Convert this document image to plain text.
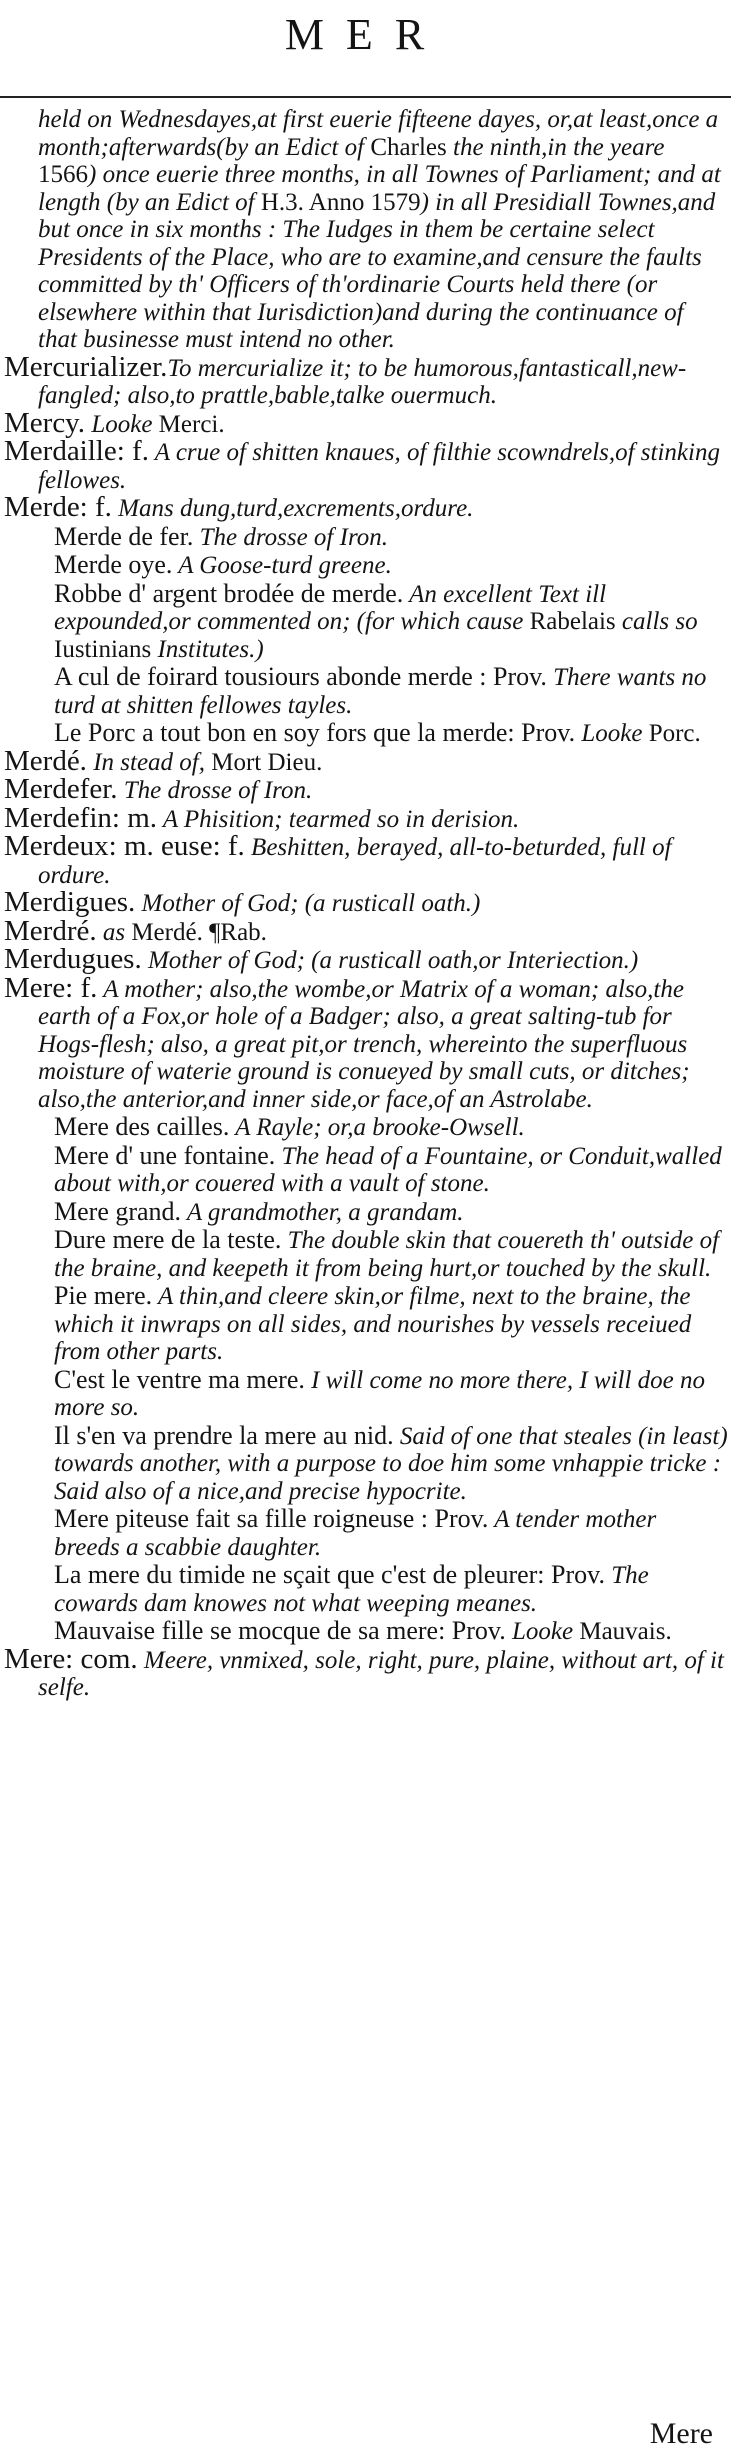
MER

held on Wednesdayes,at first euerie fifteene dayes, or,at least,once a month;afterwards(by an Edict of Charles the ninth,in the yeare 1566) once euerie three months, in all Townes of Parliament; and at length (by an Edict of H.3. Anno 1579) in all Presidiall Townes,and but once in six months : The Iudges in them be certaine select Presidents of the Place, who are to examine,and censure the faults committed by th' Officers of th'ordinarie Courts held there (or elsewhere within that Iurisdiction)and during the continuance of that businesse must intend no other.

Mercurializer.To mercurialize it; to be humorous,fantasticall,new-fangled; also,to prattle,bable,talke ouermuch.

Mercy. Looke Merci.

Merdaille: f. A crue of shitten knaues, of filthie scowndrels,of stinking fellowes.

Merde: f. Mans dung,turd,excrements,ordure.

Merde de fer. The drosse of Iron.

Merde oye. A Goose-turd greene.

Robbe d' argent brodée de merde. An excellent Text ill expounded,or commented on; (for which cause Rabelais calls so Iustinians Institutes.)

A cul de foirard tousiours abonde merde : Prov. There wants no turd at shitten fellowes tayles.

Le Porc a tout bon en soy fors que la merde: Prov. Looke Porc.

Merdé. In stead of, Mort Dieu.

Merdefer. The drosse of Iron.

Merdefin: m. A Phisition; tearmed so in derision.

Merdeux: m. euse: f. Beshitten, berayed, all-to-beturded, full of ordure.

Merdigues. Mother of God; (a rusticall oath.)

Merdré. as Merdé. ¶Rab.

Merdugues. Mother of God; (a rusticall oath,or Interiection.)

Mere: f. A mother; also,the wombe,or Matrix of a woman; also,the earth of a Fox,or hole of a Badger; also, a great salting-tub for Hogs-flesh; also, a great pit,or trench, whereinto the superfluous moisture of waterie ground is conueyed by small cuts, or ditches; also,the anterior,and inner side,or face,of an Astrolabe.

Mere des cailles. A Rayle; or,a brooke-Owsell.

Mere d' une fontaine. The head of a Fountaine, or Conduit,walled about with,or couered with a vault of stone.

Mere grand. A grandmother, a grandam.

Dure mere de la teste. The double skin that couereth th' outside of the braine, and keepeth it from being hurt,or touched by the skull.

Pie mere. A thin,and cleere skin,or filme, next to the braine, the which it inwraps on all sides, and nourishes by vessels receiued from other parts.

C'est le ventre ma mere. I will come no more there, I will doe no more so.

Il s'en va prendre la mere au nid. Said of one that steales (in least) towards another, with a purpose to doe him some vnhappie tricke : Said also of a nice,and precise hypocrite.

Mere piteuse fait sa fille roigneuse : Prov. A tender mother breeds a scabbie daughter.

La mere du timide ne sçait que c'est de pleurer: Prov. The cowards dam knowes not what weeping meanes.

Mauvaise fille se mocque de sa mere: Prov. Looke Mauvais.

Mere: com. Meere, vnmixed, sole, right, pure, plaine, without art, of it selfe.

Mere
